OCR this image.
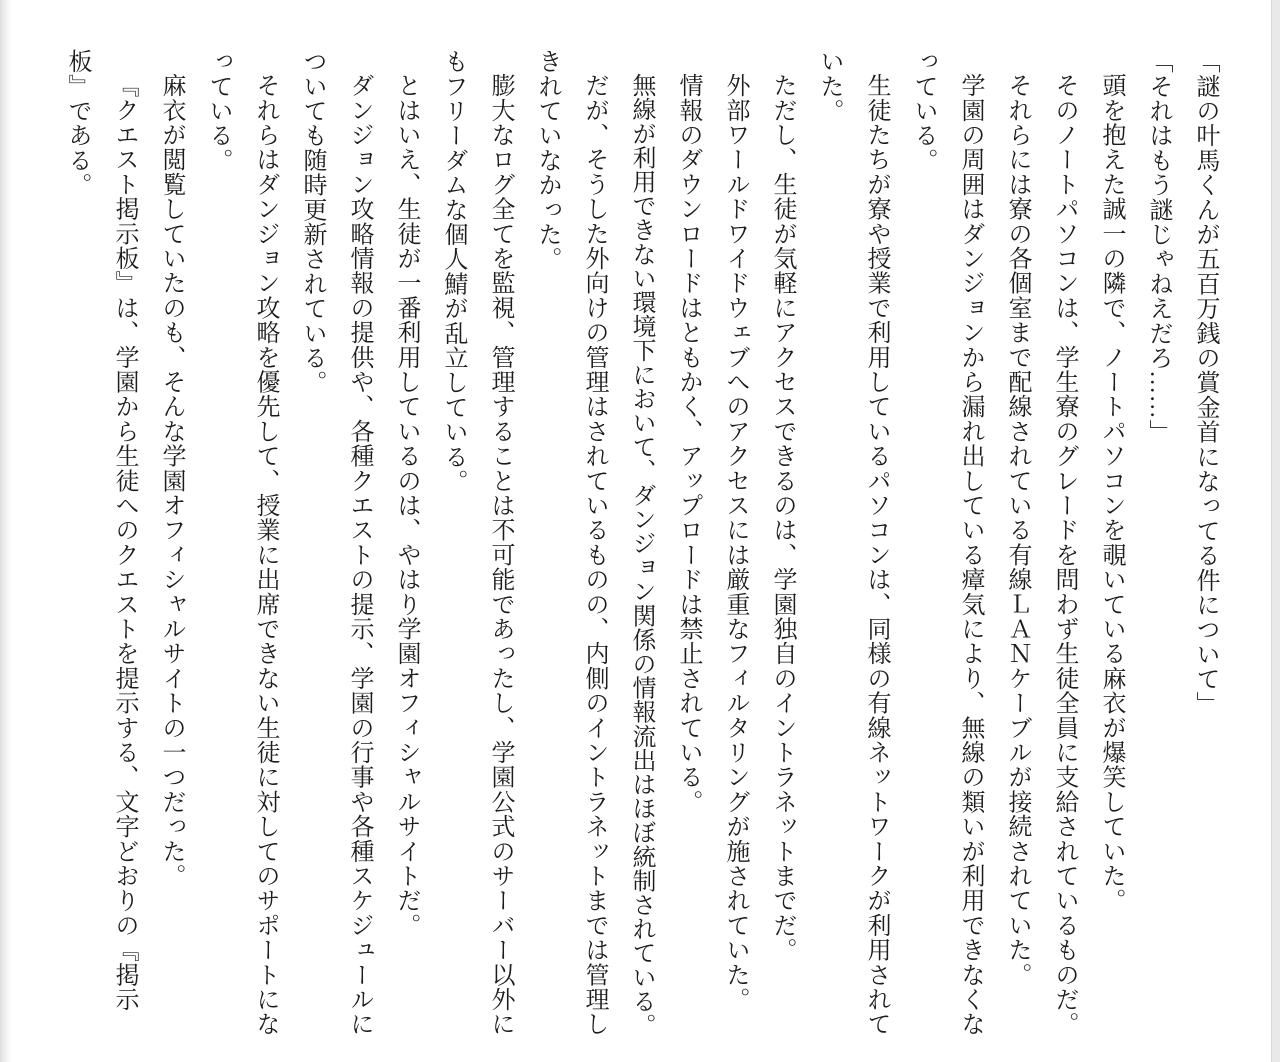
「謎の叶馬くんが五百万銭の賞金首になってる件について」

「それはもう謎じゃねえだろ……」

頭を抱えた誠一の隣で、ノートパソコンを覗いている麻衣が爆笑していた。

そのノートパソコンは、学生寮のグレードを問わず生徒全員に支給されているものだ。

それらには寮の各個室まで配線されている有線ＬＡＮケーブルが接続されていた。

学園の周囲はダンジョンから漏れ出している瘴気により、無線の類いが利用できなくなっている。

生徒たちが寮や授業で利用しているパソコンは、同様の有線ネットワークが利用されていた。

ただし、生徒が気軽にアクセスできるのは、学園独自のイントラネットまでだ。

外部ワールドワイドウェブへのアクセスには厳重なフィルタリングが施されていた。

情報のダウンロードはともかく、アップロードは禁止されている。

無線が利用できない環境下において、ダンジョン関係の情報流出はほぼ統制されている。

だが、そうした外向けの管理はされているものの、内側のイントラネットまでは管理しきれていなかった。

膨大なログ全てを監視、管理することは不可能であったし、学園公式のサーバー以外にもフリーダムな個人鯖が乱立している。

とはいえ、生徒が一番利用しているのは、やはり学園オフィシャルサイトだ。

ダンジョン攻略情報の提供や、各種クエストの提示、学園の行事や各種スケジュールについても随時更新されている。

それらはダンジョン攻略を優先して、授業に出席できない生徒に対してのサポートになっている。

麻衣が閲覧していたのも、そんな学園オフィシャルサイトの一つだった。

『クエスト掲示板』は、学園から生徒へのクエストを提示する、文字どおりの『掲示板』である。
